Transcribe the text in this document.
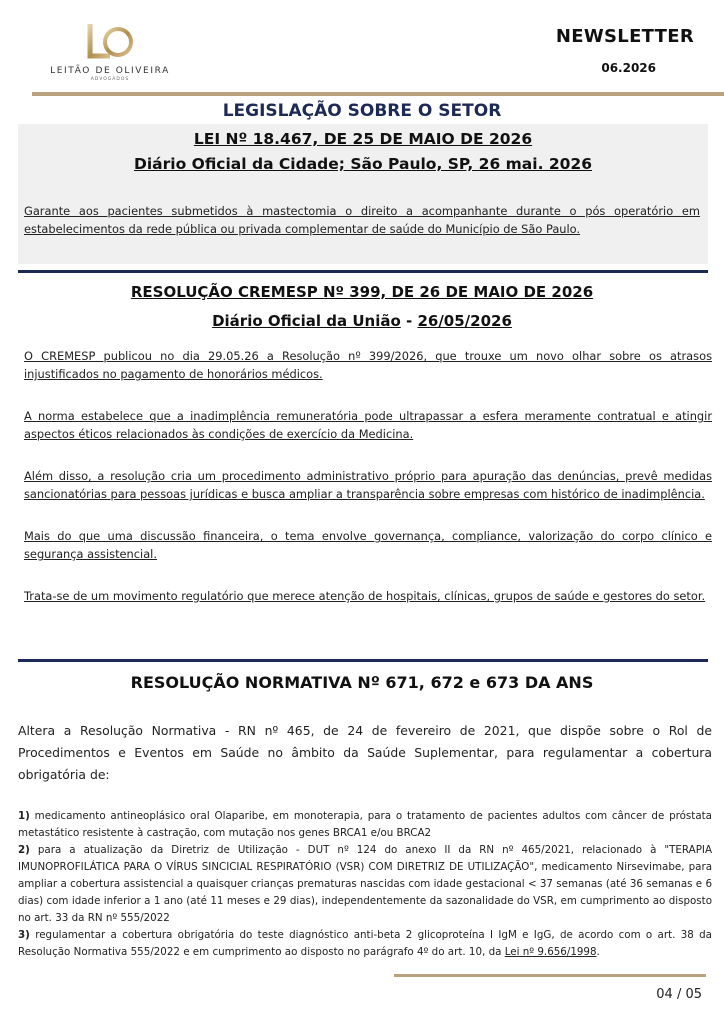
LEITÃO DE OLIVEIRA
ADVOGADOS
NEWSLETTER
06.2026
LEGISLAÇÃO SOBRE O SETOR
LEI Nº 18.467, DE 25 DE MAIO DE 2026
Diário Oficial da Cidade; São Paulo, SP, 26 mai. 2026
Garante aos pacientes submetidos à mastectomia o direito a acompanhante durante o pós operatório em estabelecimentos da rede pública ou privada complementar de saúde do Município de São Paulo.
RESOLUÇÃO CREMESP Nº 399, DE 26 DE MAIO DE 2026
Diário Oficial da União - 26/05/2026

O CREMESP publicou no dia 29.05.26 a Resolução nº 399/2026, que trouxe um novo olhar sobre os atrasos injustificados no pagamento de honorários médicos.

A norma estabelece que a inadimplência remuneratória pode ultrapassar a esfera meramente contratual e atingir aspectos éticos relacionados às condições de exercício da Medicina.

Além disso, a resolução cria um procedimento administrativo próprio para apuração das denúncias, prevê medidas sancionatórias para pessoas jurídicas e busca ampliar a transparência sobre empresas com histórico de inadimplência.

Mais do que uma discussão financeira, o tema envolve governança, compliance, valorização do corpo clínico e segurança assistencial.

Trata-se de um movimento regulatório que merece atenção de hospitais, clínicas, grupos de saúde e gestores do setor.

RESOLUÇÃO NORMATIVA Nº 671, 672 e 673 DA ANS
Altera a Resolução Normativa - RN nº 465, de 24 de fevereiro de 2021, que dispõe sobre o Rol de Procedimentos e Eventos em Saúde no âmbito da Saúde Suplementar, para regulamentar a cobertura obrigatória de:
1) medicamento antineoplásico oral Olaparibe, em monoterapia, para o tratamento de pacientes adultos com câncer de próstata metastático resistente à castração, com mutação nos genes BRCA1 e/ou BRCA2
2) para a atualização da Diretriz de Utilização - DUT nº 124 do anexo II da RN nº 465/2021, relacionado à "TERAPIA IMUNOPROFILÁTICA PARA O VÍRUS SINCICIAL RESPIRATÓRIO (VSR) COM DIRETRIZ DE UTILIZAÇÃO", medicamento Nirsevimabe, para ampliar a cobertura assistencial a quaisquer crianças prematuras nascidas com idade gestacional < 37 semanas (até 36 semanas e 6 dias) com idade inferior a 1 ano (até 11 meses e 29 dias), independentemente da sazonalidade do VSR, em cumprimento ao disposto no art. 33 da RN nº 555/2022
3) regulamentar a cobertura obrigatória do teste diagnóstico anti-beta 2 glicoproteína I IgM e IgG, de acordo com o art. 38 da Resolução Normativa 555/2022 e em cumprimento ao disposto no parágrafo 4º do art. 10, da Lei nº 9.656/1998.
04 / 05
